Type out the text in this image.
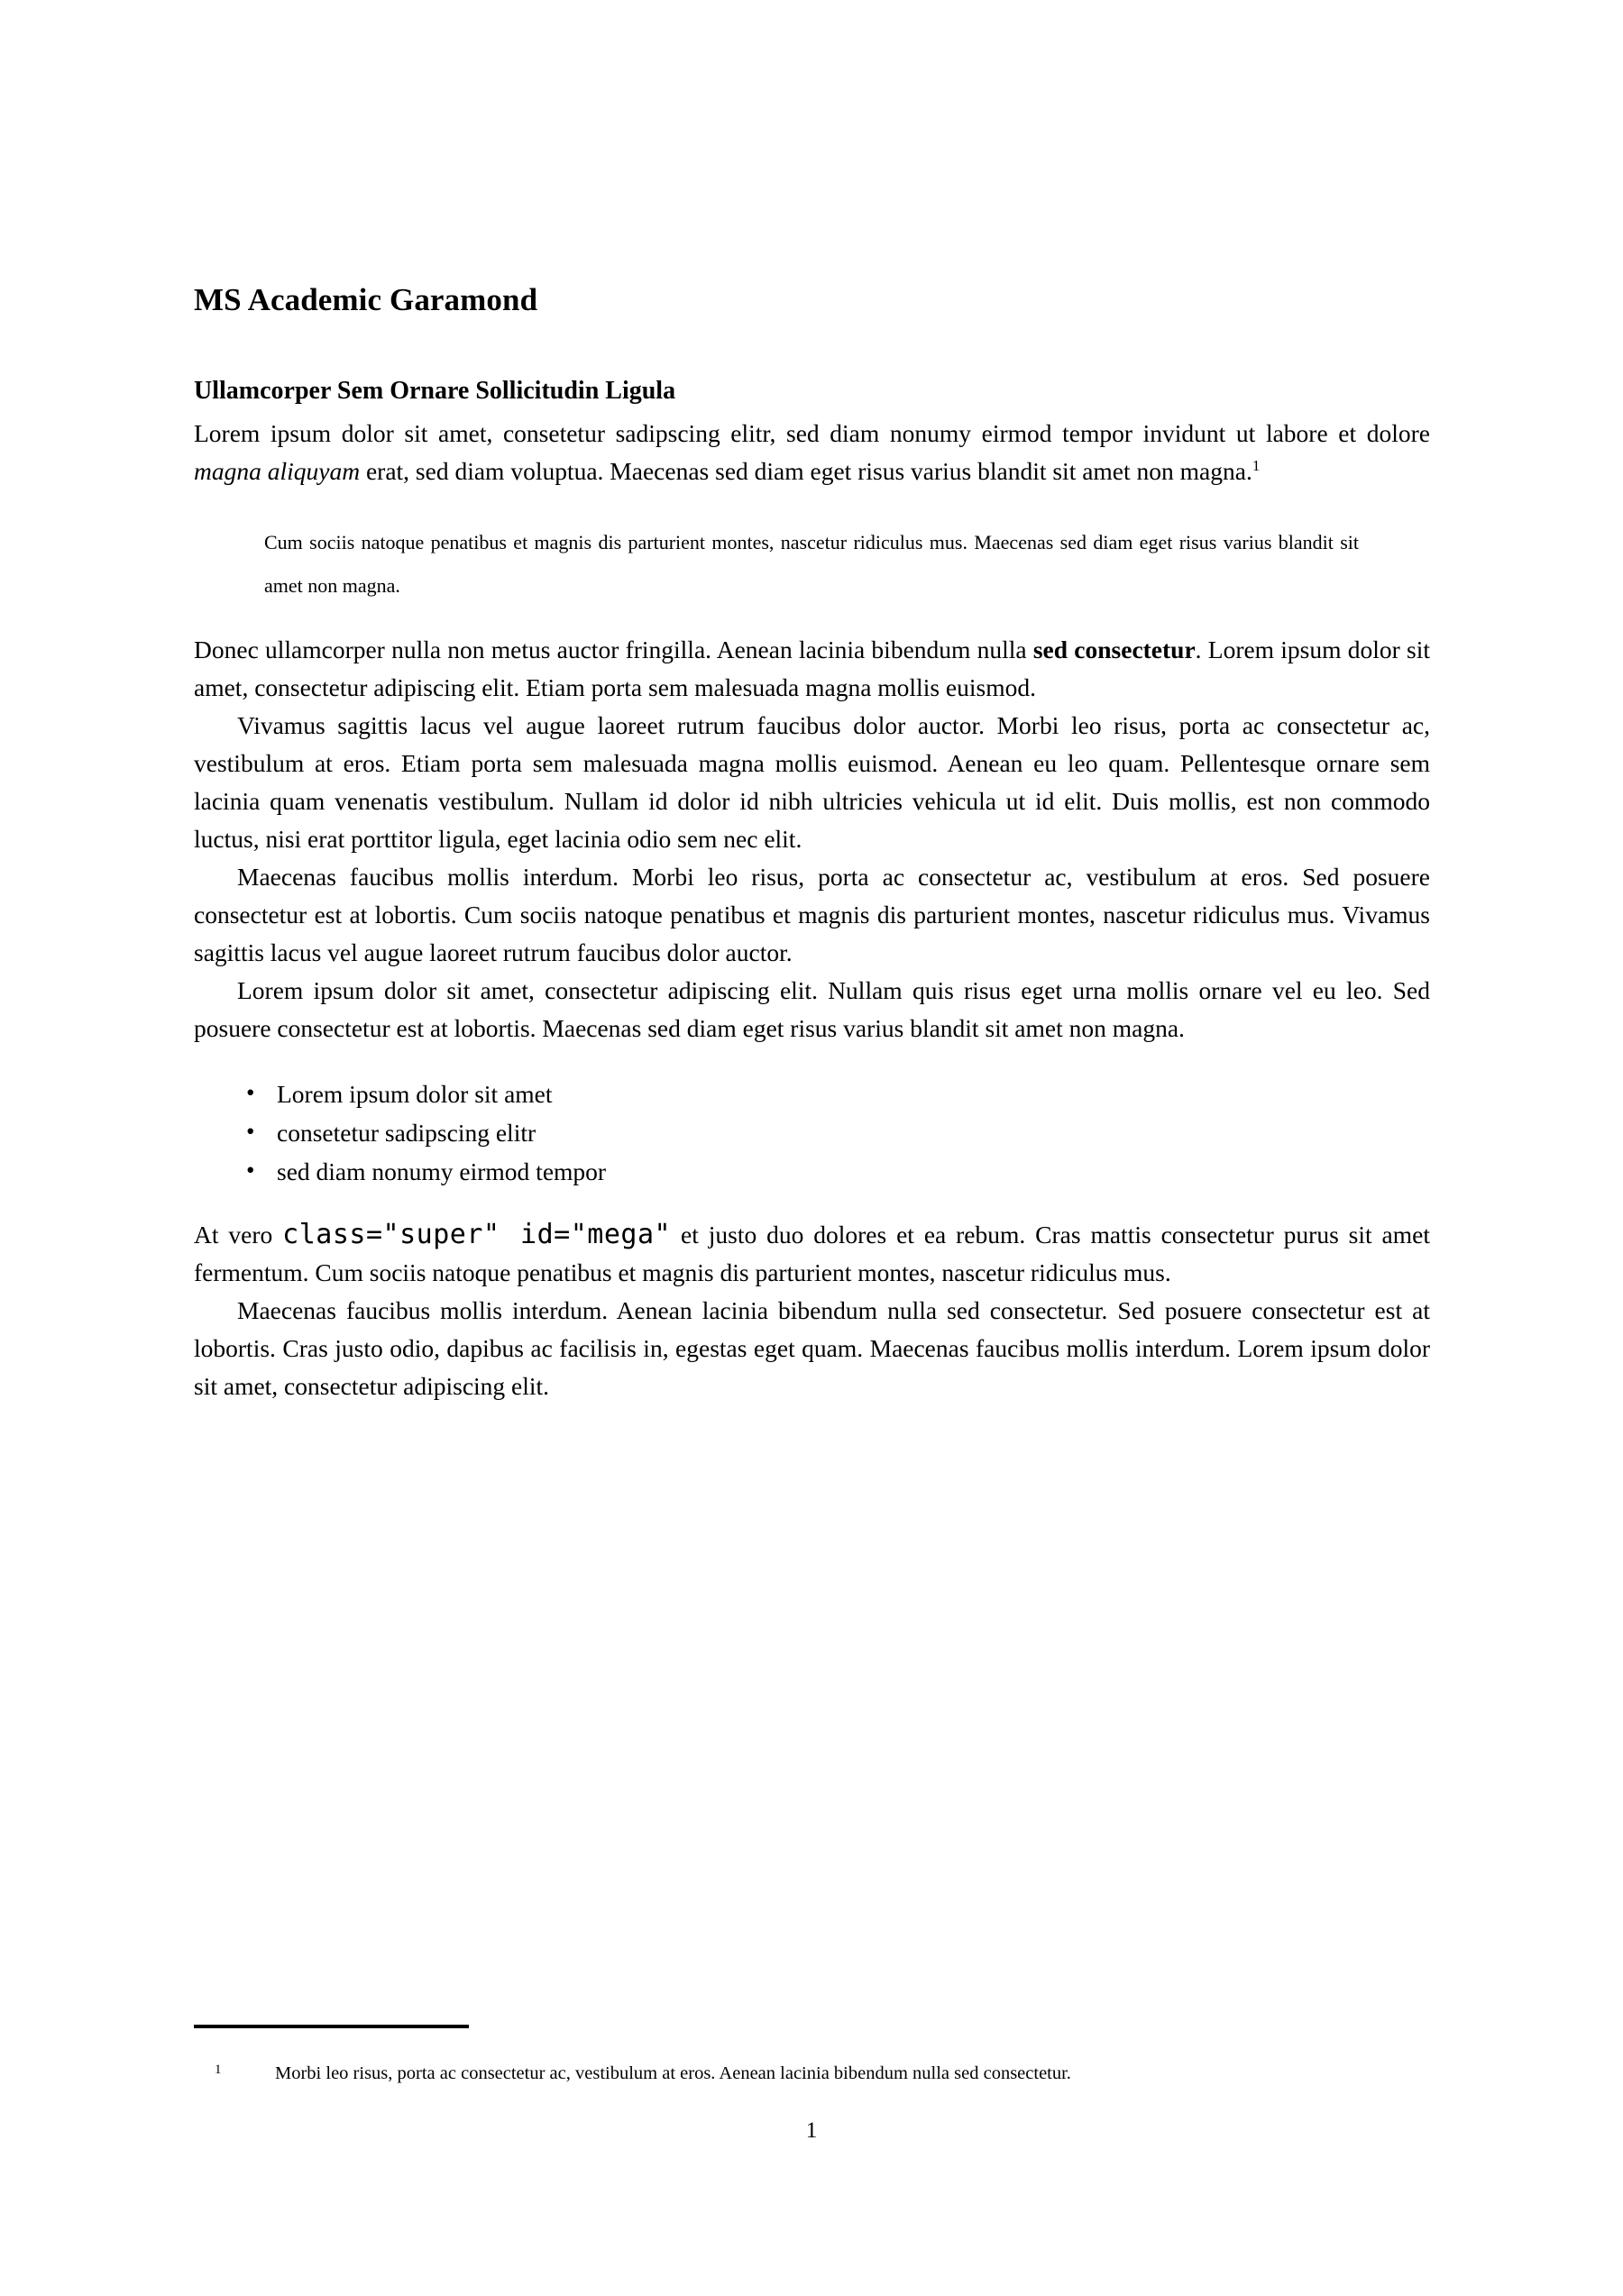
MS Academic Garamond
Ullamcorper Sem Ornare Sollicitudin Ligula

Lorem ipsum dolor sit amet, consetetur sadipscing elitr, sed diam nonumy eirmod tempor invidunt ut labore et dolore magna aliquyam erat, sed diam voluptua. Maecenas sed diam eget risus varius blandit sit amet non magna.$^1$

Cum sociis natoque penatibus et magnis dis parturient montes, nascetur ridiculus mus. Maecenas sed diam eget risus varius blandit sit amet non magna.

Donec ullamcorper nulla non metus auctor fringilla. Aenean lacinia bibendum nulla sed consectetur. Lorem ipsum dolor sit amet, consectetur adipiscing elit. Etiam porta sem malesuada magna mollis euismod.

Vivamus sagittis lacus vel augue laoreet rutrum faucibus dolor auctor. Morbi leo risus, porta ac consectetur ac, vestibulum at eros. Etiam porta sem malesuada magna mollis euismod. Aenean eu leo quam. Pellentesque ornare sem lacinia quam venenatis vestibulum. Nullam id dolor id nibh ultricies vehicula ut id elit. Duis mollis, est non commodo luctus, nisi erat porttitor ligula, eget lacinia odio sem nec elit.

Maecenas faucibus mollis interdum. Morbi leo risus, porta ac consectetur ac, vestibulum at eros. Sed posuere consectetur est at lobortis. Cum sociis natoque penatibus et magnis dis parturient montes, nascetur ridiculus mus. Vivamus sagittis lacus vel augue laoreet rutrum faucibus dolor auctor.

Lorem ipsum dolor sit amet, consectetur adipiscing elit. Nullam quis risus eget urna mollis ornare vel eu leo. Sed posuere consectetur est at lobortis. Maecenas sed diam eget risus varius blandit sit amet non magna.

• Lorem ipsum dolor sit amet
• consetetur sadipscing elitr
• sed diam nonumy eirmod tempor

At vero class="super" id="mega" et justo duo dolores et ea rebum. Cras mattis consectetur purus sit amet fermentum. Cum sociis natoque penatibus et magnis dis parturient montes, nascetur ridiculus mus.

Maecenas faucibus mollis interdum. Aenean lacinia bibendum nulla sed consectetur. Sed posuere consectetur est at lobortis. Cras justo odio, dapibus ac facilisis in, egestas eget quam. Maecenas faucibus mollis interdum. Lorem ipsum dolor sit amet, consectetur adipiscing elit.

1	Morbi leo risus, porta ac consectetur ac, vestibulum at eros. Aenean lacinia bibendum nulla sed consectetur.
1
